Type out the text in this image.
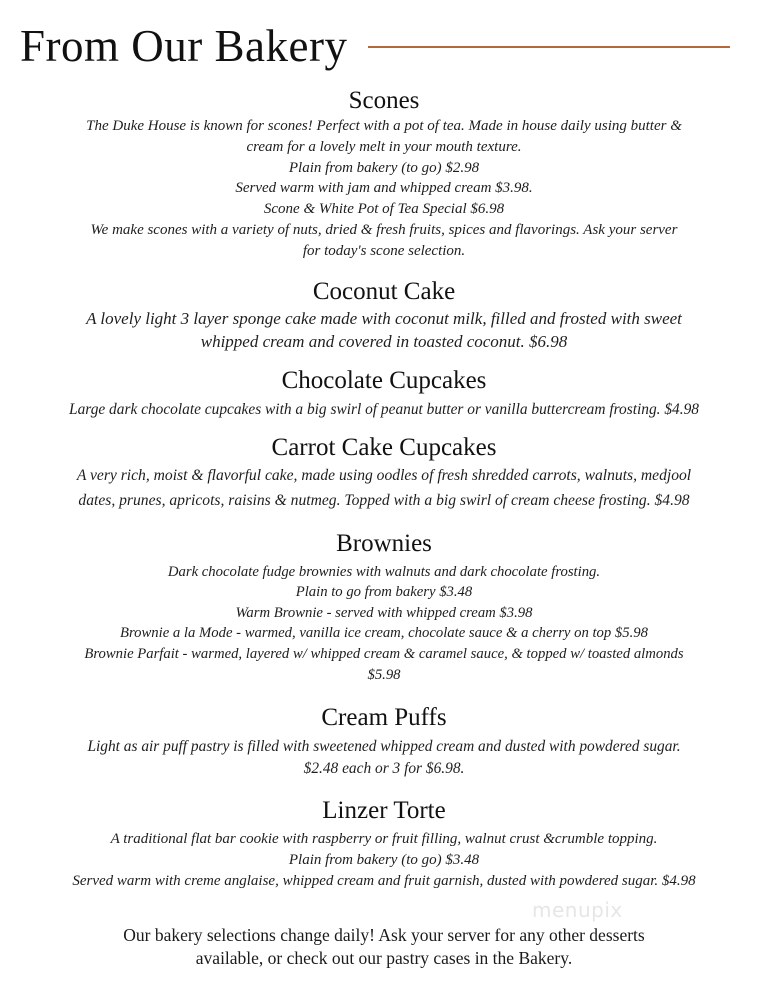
From Our Bakery
Scones
The Duke House is known for scones! Perfect with a pot of tea. Made in house daily using butter &
cream for a lovely melt in your mouth texture.
Plain from bakery (to go) $2.98
Served warm with jam and whipped cream $3.98.
Scone & White Pot of Tea Special $6.98
We make scones with a variety of nuts, dried & fresh fruits, spices and flavorings. Ask your server
for today's scone selection.
Coconut Cake
A lovely light 3 layer sponge cake made with coconut milk, filled and frosted with sweet
whipped cream and covered in toasted coconut. $6.98
Chocolate Cupcakes
Large dark chocolate cupcakes with a big swirl of peanut butter or vanilla buttercream frosting. $4.98
Carrot Cake Cupcakes
A very rich, moist & flavorful cake, made using oodles of fresh shredded carrots, walnuts, medjool
dates, prunes, apricots, raisins & nutmeg. Topped with a big swirl of cream cheese frosting. $4.98
Brownies
Dark chocolate fudge brownies with walnuts and dark chocolate frosting.
Plain to go from bakery $3.48
Warm Brownie - served with whipped cream $3.98
Brownie a la Mode - warmed, vanilla ice cream, chocolate sauce & a cherry on top $5.98
Brownie Parfait - warmed, layered w/ whipped cream & caramel sauce, & topped w/ toasted almonds
$5.98
Cream Puffs
Light as air puff pastry is filled with sweetened whipped cream and dusted with powdered sugar.
$2.48 each or 3 for $6.98.
Linzer Torte
A traditional flat bar cookie with raspberry or fruit filling, walnut crust &crumble topping.
Plain from bakery (to go) $3.48
Served warm with creme anglaise, whipped cream and fruit garnish, dusted with powdered sugar. $4.98
menupix
Our bakery selections change daily! Ask your server for any other desserts
available, or check out our pastry cases in the Bakery.
